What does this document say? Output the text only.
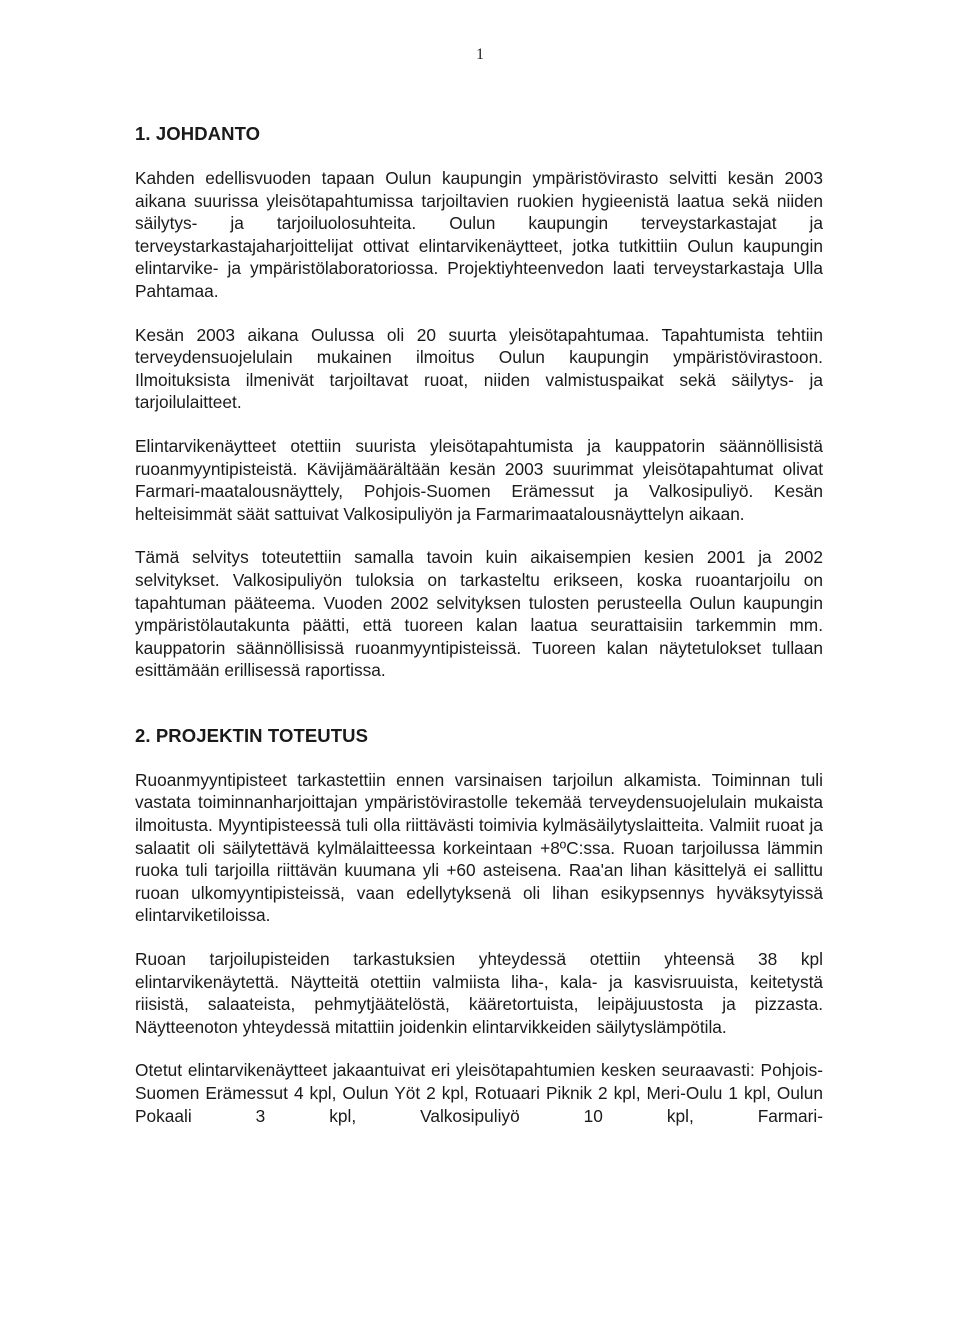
1
1. JOHDANTO

Kahden edellisvuoden tapaan Oulun kaupungin ympäristövirasto selvitti kesän 2003 aikana suurissa yleisötapahtumissa tarjoiltavien ruokien hygieenistä laatua sekä niiden säilytys- ja tarjoiluolosuhteita. Oulun kaupungin terveystarkastajat ja terveystarkastajaharjoittelijat ottivat elintarvikenäytteet, jotka tutkittiin Oulun kaupungin elintarvike- ja ympäristölaboratoriossa. Projektiyhteenvedon laati terveystarkastaja Ulla Pahtamaa.

Kesän 2003 aikana Oulussa oli 20 suurta yleisötapahtumaa. Tapahtumista tehtiin terveydensuojelulain mukainen ilmoitus Oulun kaupungin ympäristövirastoon. Ilmoituksista ilmenivät tarjoiltavat ruoat, niiden valmistuspaikat sekä säilytys- ja tarjoilulaitteet.

Elintarvikenäytteet otettiin suurista yleisötapahtumista ja kauppatorin säännöllisistä ruoanmyyntipisteistä. Kävijämäärältään kesän 2003 suurimmat yleisötapahtumat olivat Farmari-maatalousnäyttely, Pohjois-Suomen Erämessut ja Valkosipuliyö. Kesän helteisimmät säät sattuivat Valkosipuliyön ja Farmarimaatalousnäyttelyn aikaan.

Tämä selvitys toteutettiin samalla tavoin kuin aikaisempien kesien 2001 ja 2002 selvitykset. Valkosipuliyön tuloksia on tarkasteltu erikseen, koska ruoantarjoilu on tapahtuman pääteema. Vuoden 2002 selvityksen tulosten perusteella Oulun kaupungin ympäristölautakunta päätti, että tuoreen kalan laatua seurattaisiin tarkemmin mm. kauppatorin säännöllisissä ruoanmyyntipisteissä. Tuoreen kalan näytetulokset tullaan esittämään erillisessä raportissa.

2. PROJEKTIN TOTEUTUS

Ruoanmyyntipisteet tarkastettiin ennen varsinaisen tarjoilun alkamista. Toiminnan tuli vastata toiminnanharjoittajan ympäristövirastolle tekemää terveydensuojelulain mukaista ilmoitusta. Myyntipisteessä tuli olla riittävästi toimivia kylmäsäilytyslaitteita. Valmiit ruoat ja salaatit oli säilytettävä kylmälaitteessa korkeintaan +8ºC:ssa. Ruoan tarjoilussa lämmin ruoka tuli tarjoilla riittävän kuumana yli +60 asteisena. Raa'an lihan käsittelyä ei sallittu ruoan ulkomyyntipisteissä, vaan edellytyksenä oli lihan esikypsennys hyväksytyissä elintarviketiloissa.

Ruoan tarjoilupisteiden tarkastuksien yhteydessä otettiin yhteensä 38 kpl elintarvikenäytettä. Näytteitä otettiin valmiista liha-, kala- ja kasvisruuista, keitetystä riisistä, salaateista, pehmytjäätelöstä, kääretortuista, leipäjuustosta ja pizzasta. Näytteenoton yhteydessä mitattiin joidenkin elintarvikkeiden säilytyslämpötila.

Otetut elintarvikenäytteet jakaantuivat eri yleisötapahtumien kesken seuraavasti: Pohjois-Suomen Erämessut 4 kpl, Oulun Yöt 2 kpl, Rotuaari Piknik 2 kpl, Meri-Oulu 1 kpl, Oulun Pokaali 3 kpl, Valkosipuliyö 10 kpl, Farmari-
